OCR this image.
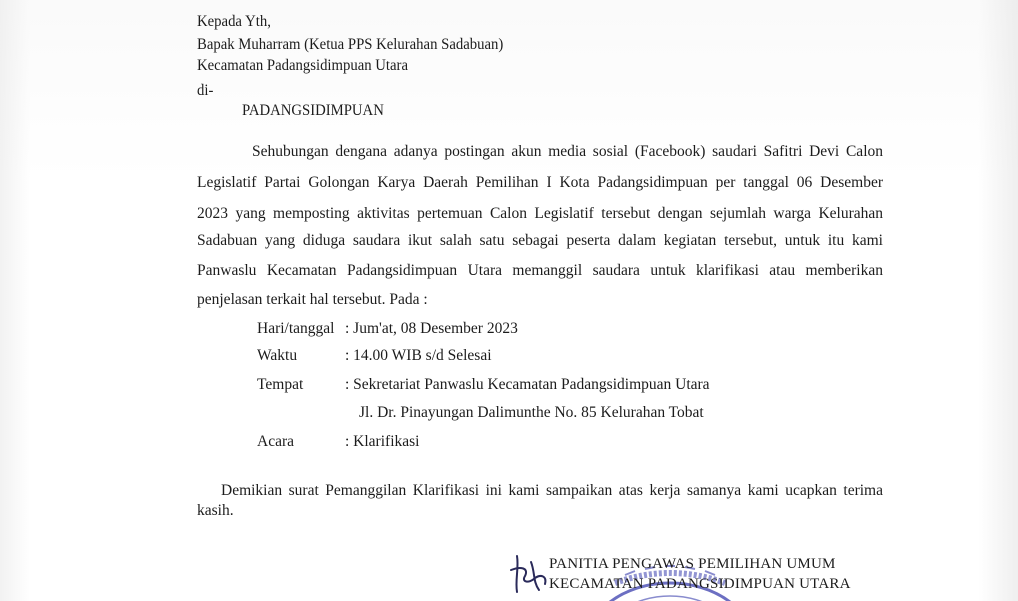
Kepada Yth,
Bapak Muharram (Ketua PPS Kelurahan Sadabuan)
Kecamatan Padangsidimpuan Utara
di-
PADANGSIDIMPUAN
Sehubungan dengana adanya postingan akun media sosial (Facebook) saudari Safitri Devi Calon
Legislatif Partai Golongan Karya Daerah Pemilihan I Kota Padangsidimpuan per tanggal 06 Desember
2023 yang memposting aktivitas pertemuan Calon Legislatif tersebut dengan sejumlah warga Kelurahan
Sadabuan yang diduga saudara ikut salah satu sebagai peserta dalam kegiatan tersebut, untuk itu kami
Panwaslu Kecamatan Padangsidimpuan Utara memanggil saudara untuk klarifikasi atau memberikan
penjelasan terkait hal tersebut. Pada :
Hari/tanggal : Jum'at, 08 Desember 2023
Waktu	: 14.00 WIB s/d Selesai
Tempat	: Sekretariat Panwaslu Kecamatan Padangsidimpuan Utara
Jl. Dr. Pinayungan Dalimunthe No. 85 Kelurahan Tobat
Acara	: Klarifikasi
Demikian surat Pemanggilan Klarifikasi ini kami sampaikan atas kerja samanya kami ucapkan terima
kasih.
PANITIA PENGAWAS PEMILIHAN UMUM
KECAMATAN PADANGSIDIMPUAN UTARA
